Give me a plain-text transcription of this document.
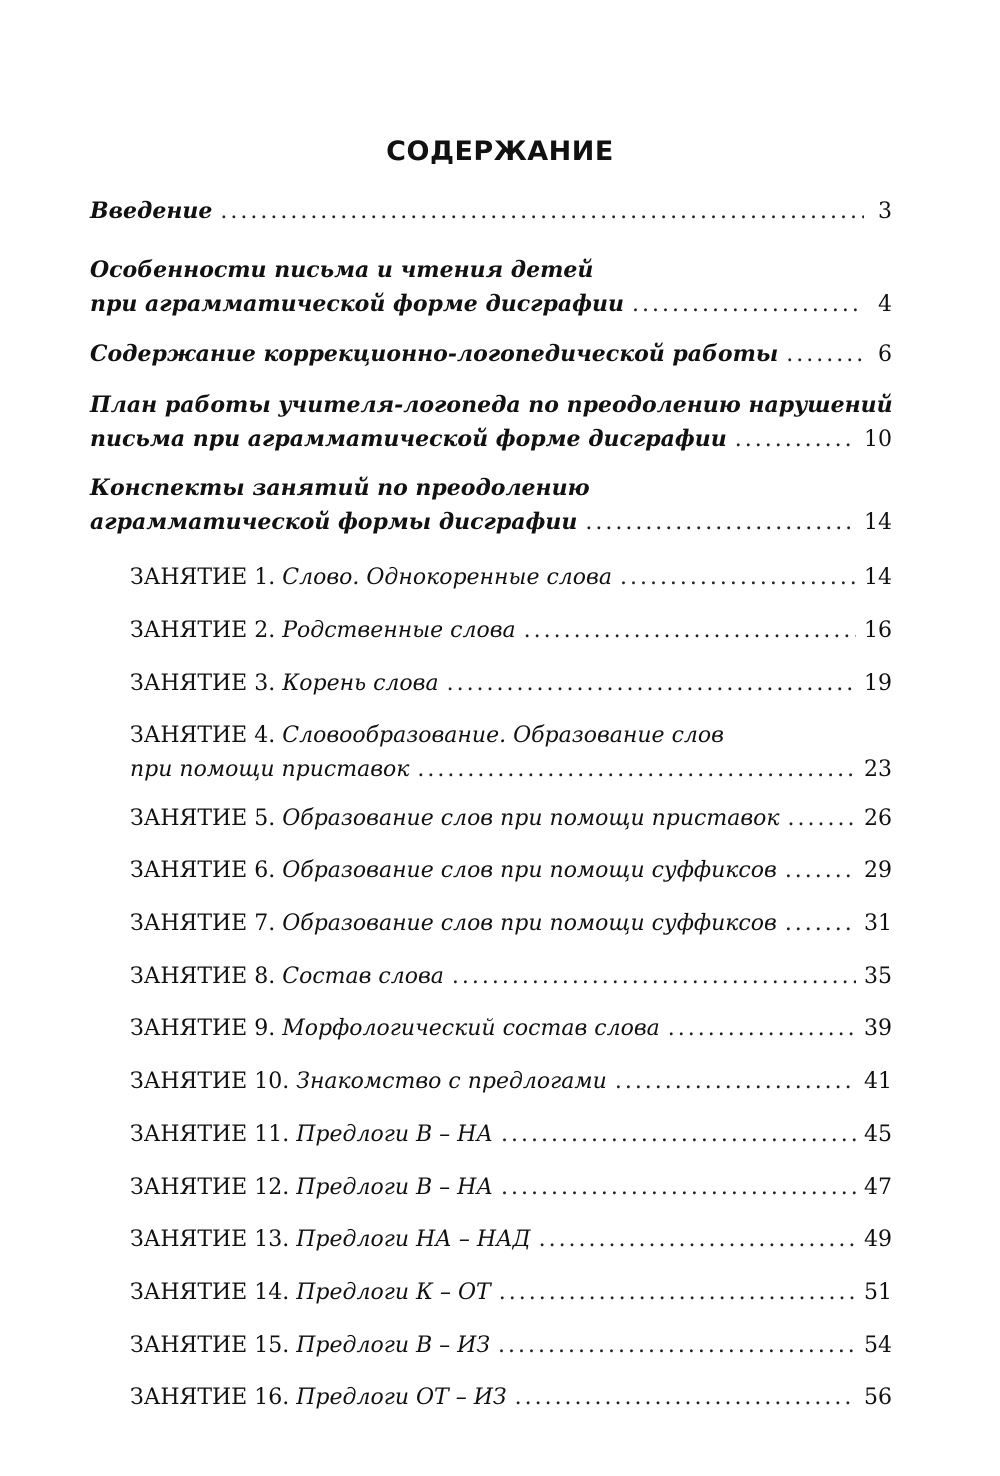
СОДЕРЖАНИЕ
Введение .....	3
Особенности письма и чтения детей
при аграмматической форме дисграфии .....	4
Содержание коррекционно-логопедической работы .....	6
План работы учителя-логопеда по преодолению нарушений
письма при аграмматической форме дисграфии .....	10
Конспекты занятий по преодолению
аграмматической формы дисграфии .....	14
ЗАНЯТИЕ 1. Слово. Однокоренные слова .....	14
ЗАНЯТИЕ 2. Родственные слова .....	16
ЗАНЯТИЕ 3. Корень слова .....	19
ЗАНЯТИЕ 4. Словообразование. Образование слов
при помощи приставок .....	23
ЗАНЯТИЕ 5. Образование слов при помощи приставок .....	26
ЗАНЯТИЕ 6. Образование слов при помощи суффиксов .....	29
ЗАНЯТИЕ 7. Образование слов при помощи суффиксов .....	31
ЗАНЯТИЕ 8. Состав слова .....	35
ЗАНЯТИЕ 9. Морфологический состав слова .....	39
ЗАНЯТИЕ 10. Знакомство с предлогами .....	41
ЗАНЯТИЕ 11. Предлоги В – НА .....	45
ЗАНЯТИЕ 12. Предлоги В – НА .....	47
ЗАНЯТИЕ 13. Предлоги НА – НАД .....	49
ЗАНЯТИЕ 14. Предлоги К – ОТ .....	51
ЗАНЯТИЕ 15. Предлоги В – ИЗ .....	54
ЗАНЯТИЕ 16. Предлоги ОТ – ИЗ .....	56
